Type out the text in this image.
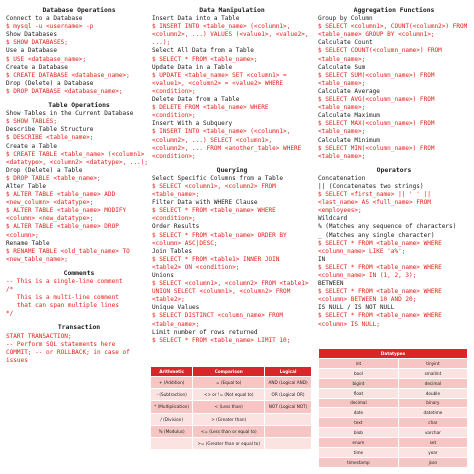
Database Operations
Connect to a Database
$ mysql -u <username> -p
Show Databases
$ SHOW DATABASES;
Use a Database
$ USE <database_name>;
Create a Database
$ CREATE DATABASE <database_name>;
Drop (Delete) a Database
$ DROP DATABASE <database_name>;
Table Operations
Show Tables in the Current Database
$ SHOW TABLES;
Describe Table Structure
$ DESCRIBE <table_name>;
Create a Table
$ CREATE TABLE <table_name> (<column1> <datatype>, <column2> <datatype>, ...);
Drop (Delete) a Table
$ DROP TABLE <table_name>;
Alter Table
$ ALTER TABLE <table_name> ADD <new_column> <datatype>;
$ ALTER TABLE <table_name> MODIFY <column> <new_datatype>;
$ ALTER TABLE <table_name> DROP <column>;
Rename Table
$ RENAME TABLE <old_table_name> TO <new_table_name>;
Comments
-- This is a single-line comment
/*
This is a multi-line comment
that can span multiple lines
*/
Transaction
START TRANSACTION;
-- Perform SQL statements here
COMMIT; -- or ROLLBACK; in case of issues
Data Manipulation
Insert Data into a Table
$ INSERT INTO <table_name> (<column1>, <column2>, ...) VALUES (<value1>, <value2>, ...);
Select All Data from a Table
$ SELECT * FROM <table_name>;
Update Data in a Table
$ UPDATE <table_name> SET <column1> = <value1>, <column2> = <value2> WHERE <condition>;
Delete Data from a Table
$ DELETE FROM <table_name> WHERE <condition>;
Insert With a Subquery
$ INSERT INTO <table_name> (<column1>, <column2>, ...) SELECT <column1>, <column2>, ... FROM <another_table> WHERE <condition>;
Querying
Select Specific Columns from a Table
$ SELECT <column1>, <column2> FROM <table_name>;
Filter Data with WHERE Clause
$ SELECT * FROM <table_name> WHERE <condition>;
Order Results
$ SELECT * FROM <table_name> ORDER BY <column> ASC|DESC;
Join Tables
$ SELECT * FROM <table1> INNER JOIN <table2> ON <condition>;
Unions
$ SELECT <column1>, <column2> FROM <table1> UNION SELECT <column1>, <column2> FROM <table2>;
Unique Values
$ SELECT DISTINCT <column_name> FROM <table_name>;
Limit number of rows returned
$ SELECT * FROM <table_name> LIMIT 10;
Aggregation Functions
Group by Column
$ SELECT <column1>, COUNT(<column2>) FROM <table_name> GROUP BY <column1>;
Calculate Count
$ SELECT COUNT(<column_name>) FROM <table_name>;
Calculate Sum
$ SELECT SUM(<column_name>) FROM <table_name>;
Calculate Average
$ SELECT AVG(<column_name>) FROM <table_name>;
Calculate Maximum
$ SELECT MAX(<column_name>) FROM <table_name>;
Calculate Minimum
$ SELECT MIN(<column_name>) FROM <table_name>;
Operators
Concatenation
|| (Concatenates two strings)
$ SELECT <first_name> || ' ' || <last_name> AS <full_name> FROM <employees>;
Wildcard
% (Matches any sequence of characters)
_ (Matches any single character)
$ SELECT * FROM <table_name> WHERE <column_name> LIKE 'a%';
IN
$ SELECT * FROM <table_name> WHERE <column_name> IN (1, 2, 3);
BETWEEN
$ SELECT * FROM <table_name> WHERE <column> BETWEEN 10 AND 20;
IS NULL / IS NOT NULL
$ SELECT * FROM <table_name> WHERE <column> IS NULL;
Arithmetic	Comparison	Logical
+ (Addition)	= (Equal to)	AND (Logical AND)
- (Subtraction)	<> or != (Not equal to)	OR (Logical OR)
* (Multiplication)	< (Less than)	NOT (Logical NOT)
/ (Division)	> (Greater than)	
% (Modulus)	<= (Less than or equal to)	
	>= (Greater than or equal to)	
Datatypes	
int	tinyint
bool	smallint
bigint	decimal
float	double
decimal	binary
date	datetime
text	char
blob	varchar
enum	set
time	year
timestamp	json
